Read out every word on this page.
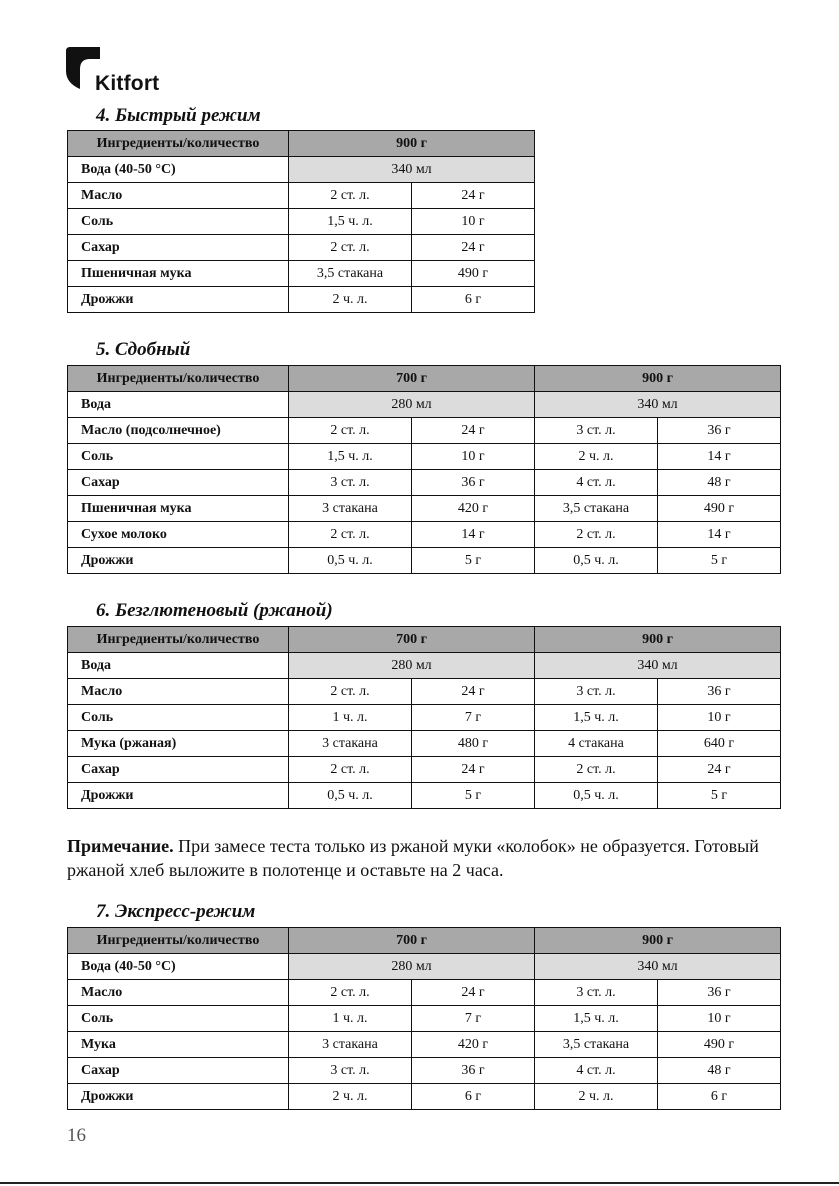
Kitfort
4. Быстрый режим
Ингредиенты/количество	900 г	
Вода (40-50 °С)	340 мл	
Масло	2 ст. л.	24 г
Соль	1,5 ч. л.	10 г
Сахар	2 ст. л.	24 г
Пшеничная мука	3,5 стакана	490 г
Дрожжи	2 ч. л.	6 г
5. Сдобный
Ингредиенты/количество	700 г		900 г	
Вода	280 мл		340 мл	
Масло (подсолнечное)	2 ст. л.	24 г	3 ст. л.	36 г
Соль	1,5 ч. л.	10 г	2 ч. л.	14 г
Сахар	3 ст. л.	36 г	4 ст. л.	48 г
Пшеничная мука	3 стакана	420 г	3,5 стакана	490 г
Сухое молоко	2 ст. л.	14 г	2 ст. л.	14 г
Дрожжи	0,5 ч. л.	5 г	0,5 ч. л.	5 г
6. Безглютеновый (ржаной)
Ингредиенты/количество	700 г		900 г	
Вода	280 мл		340 мл	
Масло	2 ст. л.	24 г	3 ст. л.	36 г
Соль	1 ч. л.	7 г	1,5 ч. л.	10 г
Мука (ржаная)	3 стакана	480 г	4 стакана	640 г
Сахар	2 ст. л.	24 г	2 ст. л.	24 г
Дрожжи	0,5 ч. л.	5 г	0,5 ч. л.	5 г

Примечание. При замесе теста только из ржаной муки «колобок» не образуется. Готовый ржаной хлеб выложите в полотенце и оставьте на 2 часа.

7. Экспресс-режим
Ингредиенты/количество	700 г		900 г	
Вода (40-50 °С)	280 мл		340 мл	
Масло	2 ст. л.	24 г	3 ст. л.	36 г
Соль	1 ч. л.	7 г	1,5 ч. л.	10 г
Мука	3 стакана	420 г	3,5 стакана	490 г
Сахар	3 ст. л.	36 г	4 ст. л.	48 г
Дрожжи	2 ч. л.	6 г	2 ч. л.	6 г
16
